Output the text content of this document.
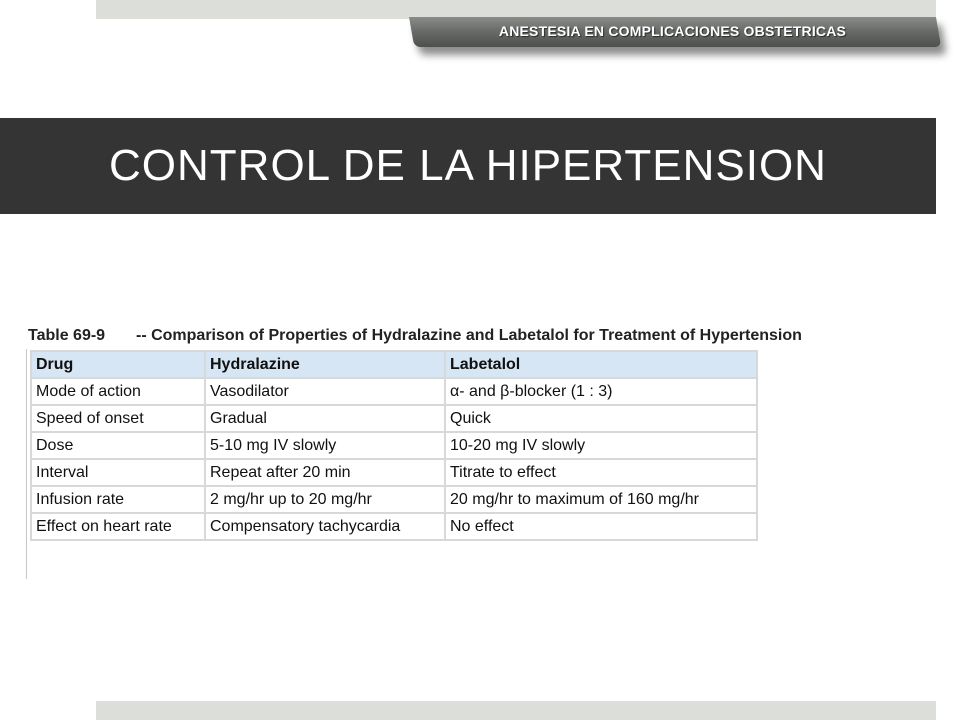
ANESTESIA EN COMPLICACIONES OBSTETRICAS
CONTROL DE LA HIPERTENSION
Table 69-9 -- Comparison of Properties of Hydralazine and Labetalol for Treatment of Hypertension
Drug	Hydralazine	Labetalol
Mode of action	Vasodilator	α- and β-blocker (1 : 3)
Speed of onset	Gradual	Quick
Dose	5-10 mg IV slowly	10-20 mg IV slowly
Interval	Repeat after 20 min	Titrate to effect
Infusion rate	2 mg/hr up to 20 mg/hr	20 mg/hr to maximum of 160 mg/hr
Effect on heart rate	Compensatory tachycardia	No effect
